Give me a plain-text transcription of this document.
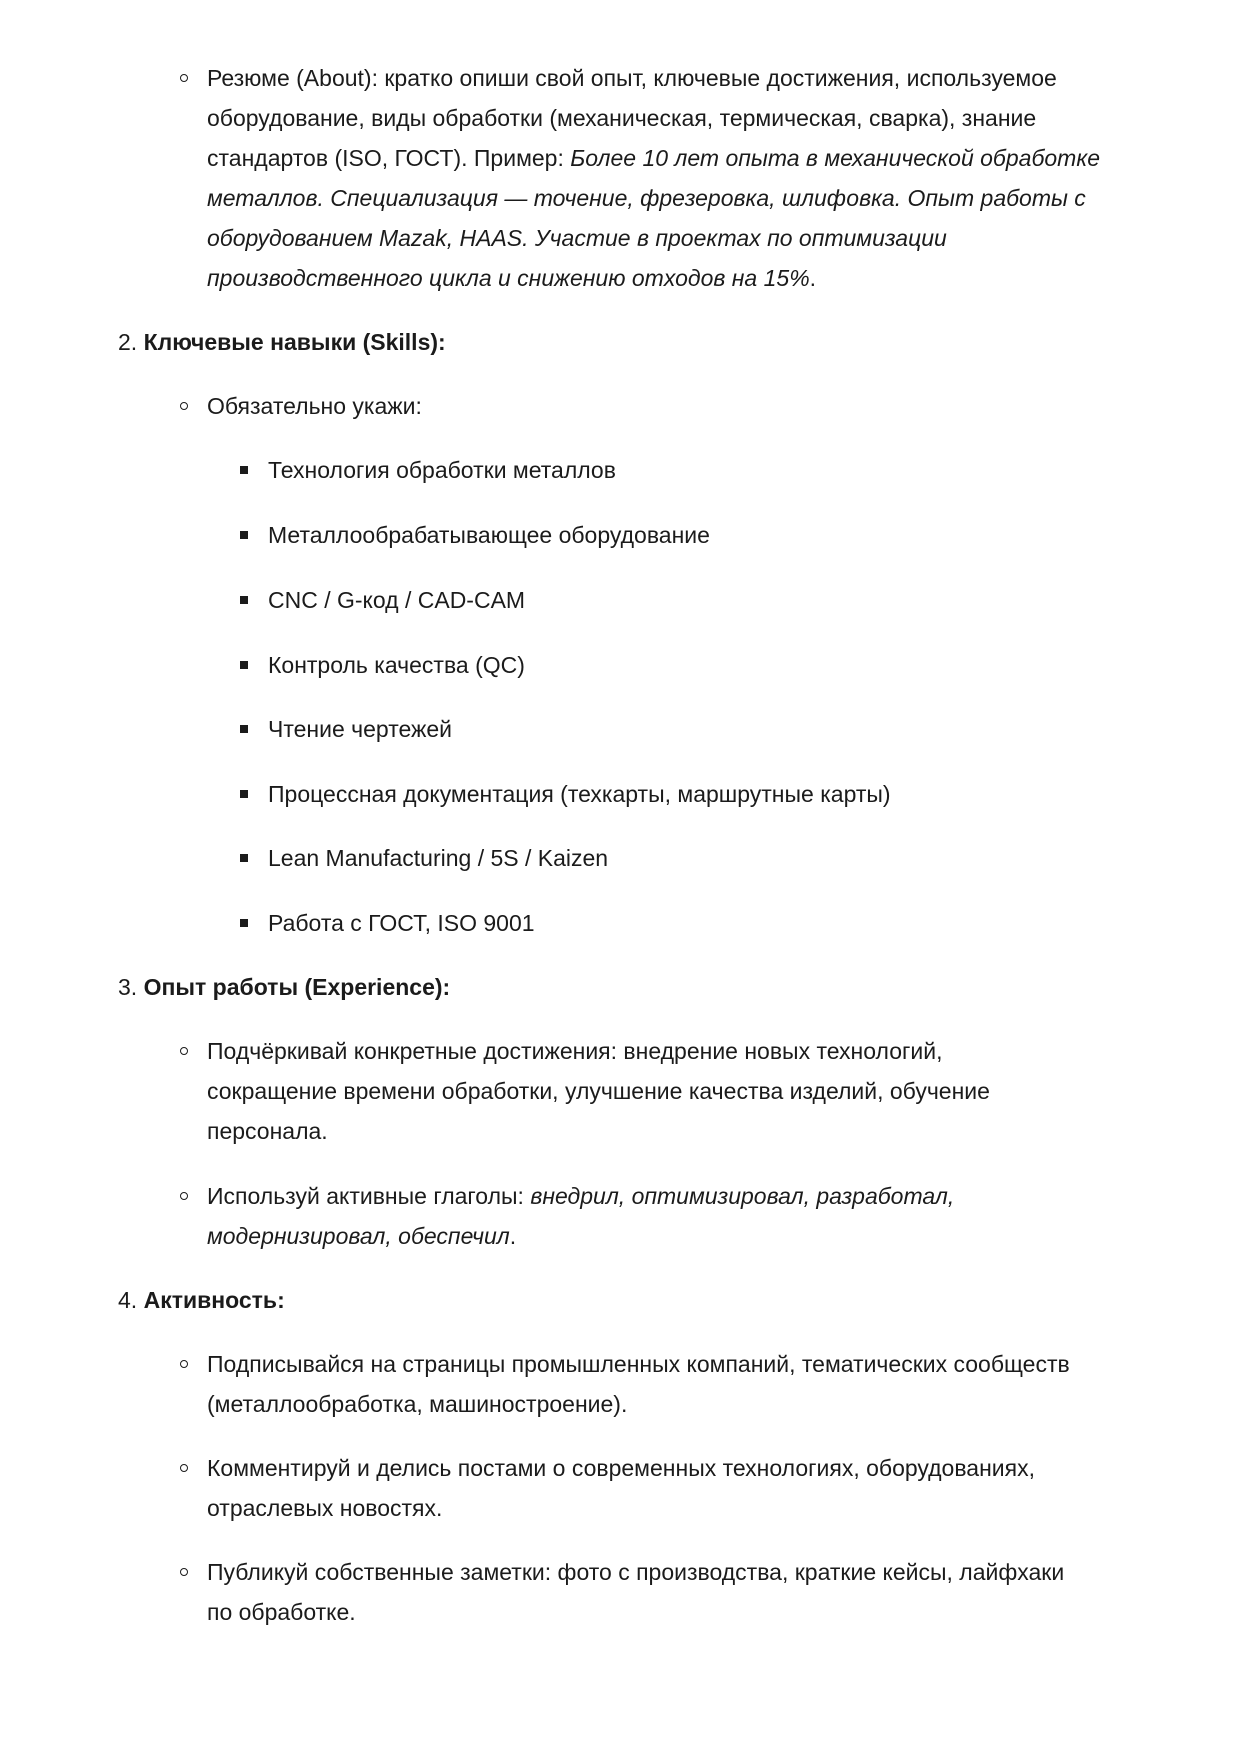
Резюме (About): кратко опиши свой опыт, ключевые достижения, используемое
оборудование, виды обработки (механическая, термическая, сварка), знание
стандартов (ISO, ГОСТ). Пример: Более 10 лет опыта в механической обработке
металлов. Специализация — точение, фрезеровка, шлифовка. Опыт работы с
оборудованием Mazak, HAAS. Участие в проектах по оптимизации
производственного цикла и снижению отходов на 15%.
2. Ключевые навыки (Skills):
Обязательно укажи:
Технология обработки металлов
Металлообрабатывающее оборудование
CNC / G-код / CAD-CAM
Контроль качества (QC)
Чтение чертежей
Процессная документация (техкарты, маршрутные карты)
Lean Manufacturing / 5S / Kaizen
Работа с ГОСТ, ISO 9001
3. Опыт работы (Experience):
Подчёркивай конкретные достижения: внедрение новых технологий,
сокращение времени обработки, улучшение качества изделий, обучение
персонала.
Используй активные глаголы: внедрил, оптимизировал, разработал,
модернизировал, обеспечил.
4. Активность:
Подписывайся на страницы промышленных компаний, тематических сообществ
(металлообработка, машиностроение).
Комментируй и делись постами о современных технологиях, оборудованиях,
отраслевых новостях.
Публикуй собственные заметки: фото с производства, краткие кейсы, лайфхаки
по обработке.
